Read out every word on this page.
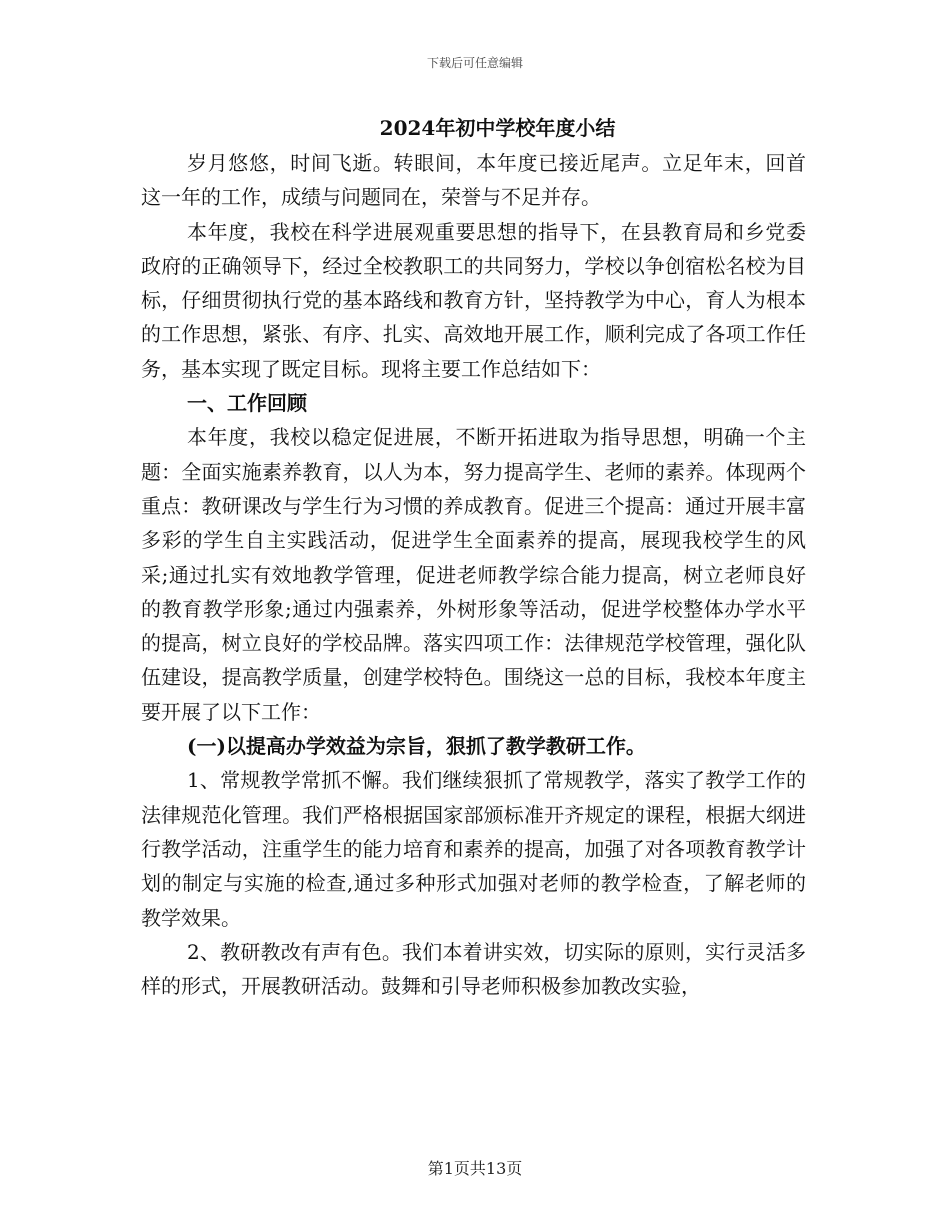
下载后可任意编辑
2024年初中学校年度小结

岁月悠悠，时间飞逝。转眼间，本年度已接近尾声。立足年末，回首这一年的工作，成绩与问题同在，荣誉与不足并存。

本年度，我校在科学进展观重要思想的指导下，在县教育局和乡党委政府的正确领导下，经过全校教职工的共同努力，学校以争创宿松名校为目标，仔细贯彻执行党的基本路线和教育方针，坚持教学为中心，育人为根本的工作思想，紧张、有序、扎实、高效地开展工作，顺利完成了各项工作任务，基本实现了既定目标。现将主要工作总结如下：

一、工作回顾

本年度，我校以稳定促进展，不断开拓进取为指导思想，明确一个主题：全面实施素养教育，以人为本，努力提高学生、老师的素养。体现两个重点：教研课改与学生行为习惯的养成教育。促进三个提高：通过开展丰富多彩的学生自主实践活动，促进学生全面素养的提高，展现我校学生的风采;通过扎实有效地教学管理，促进老师教学综合能力提高，树立老师良好的教育教学形象;通过内强素养，外树形象等活动，促进学校整体办学水平的提高，树立良好的学校品牌。落实四项工作：法律规范学校管理，强化队伍建设，提高教学质量，创建学校特色。围绕这一总的目标，我校本年度主要开展了以下工作：

(一)以提高办学效益为宗旨，狠抓了教学教研工作。

1、常规教学常抓不懈。我们继续狠抓了常规教学，落实了教学工作的法律规范化管理。我们严格根据国家部颁标准开齐规定的课程，根据大纲进行教学活动，注重学生的能力培育和素养的提高，加强了对各项教育教学计划的制定与实施的检查,通过多种形式加强对老师的教学检查，了解老师的教学效果。

2、教研教改有声有色。我们本着讲实效，切实际的原则，实行灵活多样的形式，开展教研活动。鼓舞和引导老师积极参加教改实验，

第1页共13页
